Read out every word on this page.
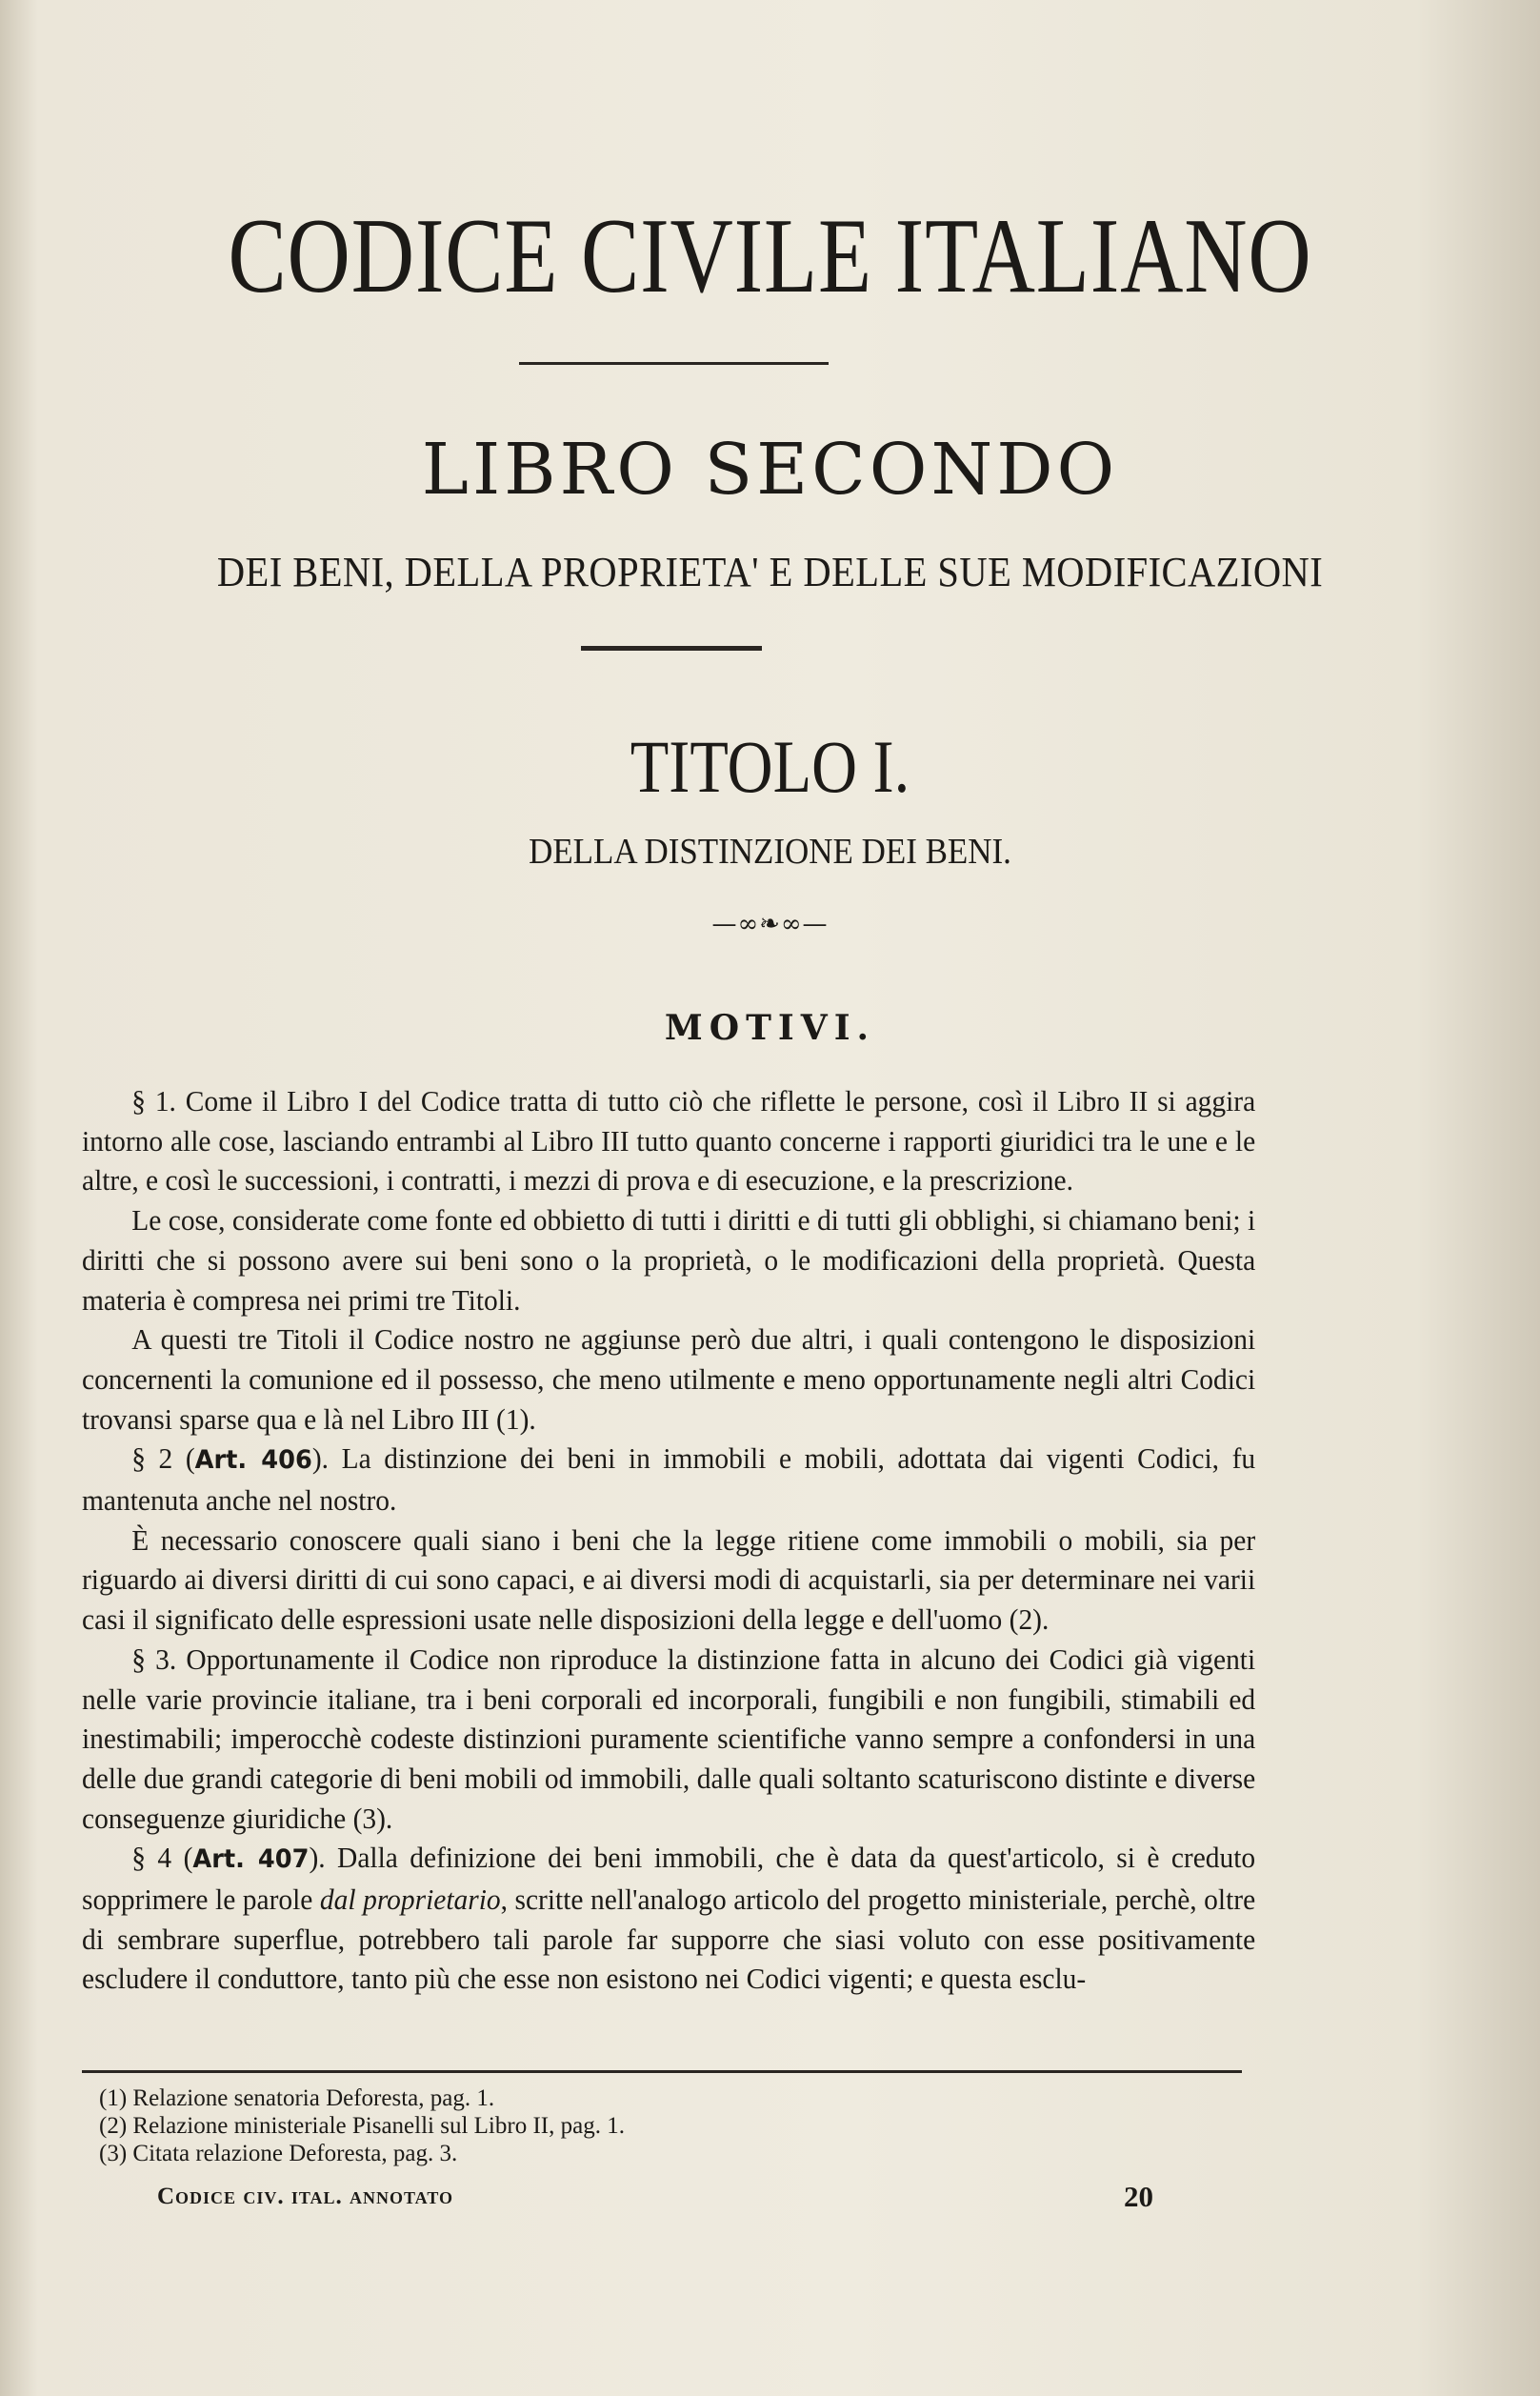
CODICE CIVILE ITALIANO
LIBRO SECONDO
DEI BENI, DELLA PROPRIETA' E DELLE SUE MODIFICAZIONI
TITOLO I.
DELLA DISTINZIONE DEI BENI.
—∞❧∞—
MOTIVI.

§ 1. Come il Libro I del Codice tratta di tutto ciò che riflette le persone, così il Libro II si aggira intorno alle cose, lasciando entrambi al Libro III tutto quanto concerne i rapporti giuridici tra le une e le altre, e così le successioni, i contratti, i mezzi di prova e di esecuzione, e la prescrizione.

Le cose, considerate come fonte ed obbietto di tutti i diritti e di tutti gli obblighi, si chiamano beni; i diritti che si possono avere sui beni sono o la proprietà, o le modificazioni della proprietà. Questa materia è compresa nei primi tre Titoli.

A questi tre Titoli il Codice nostro ne aggiunse però due altri, i quali contengono le disposizioni concernenti la comunione ed il possesso, che meno utilmente e meno opportunamente negli altri Codici trovansi sparse qua e là nel Libro III (1).

§ 2 (Art. 406). La distinzione dei beni in immobili e mobili, adottata dai vigenti Codici, fu mantenuta anche nel nostro.

È necessario conoscere quali siano i beni che la legge ritiene come immobili o mobili, sia per riguardo ai diversi diritti di cui sono capaci, e ai diversi modi di acquistarli, sia per determinare nei varii casi il significato delle espressioni usate nelle disposizioni della legge e dell'uomo (2).

§ 3. Opportunamente il Codice non riproduce la distinzione fatta in alcuno dei Codici già vigenti nelle varie provincie italiane, tra i beni corporali ed incorporali, fungibili e non fungibili, stimabili ed inestimabili; imperocchè codeste distinzioni puramente scientifiche vanno sempre a confondersi in una delle due grandi categorie di beni mobili od immobili, dalle quali soltanto scaturiscono distinte e diverse conseguenze giuridiche (3).

§ 4 (Art. 407). Dalla definizione dei beni immobili, che è data da quest'articolo, si è creduto sopprimere le parole dal proprietario, scritte nell'analogo articolo del progetto ministeriale, perchè, oltre di sembrare superflue, potrebbero tali parole far supporre che siasi voluto con esse positivamente escludere il conduttore, tanto più che esse non esistono nei Codici vigenti; e questa esclu-

(1) Relazione senatoria Deforesta, pag. 1.
(2) Relazione ministeriale Pisanelli sul Libro II, pag. 1.
(3) Citata relazione Deforesta, pag. 3.
Codice civ. ital. annotato	20
